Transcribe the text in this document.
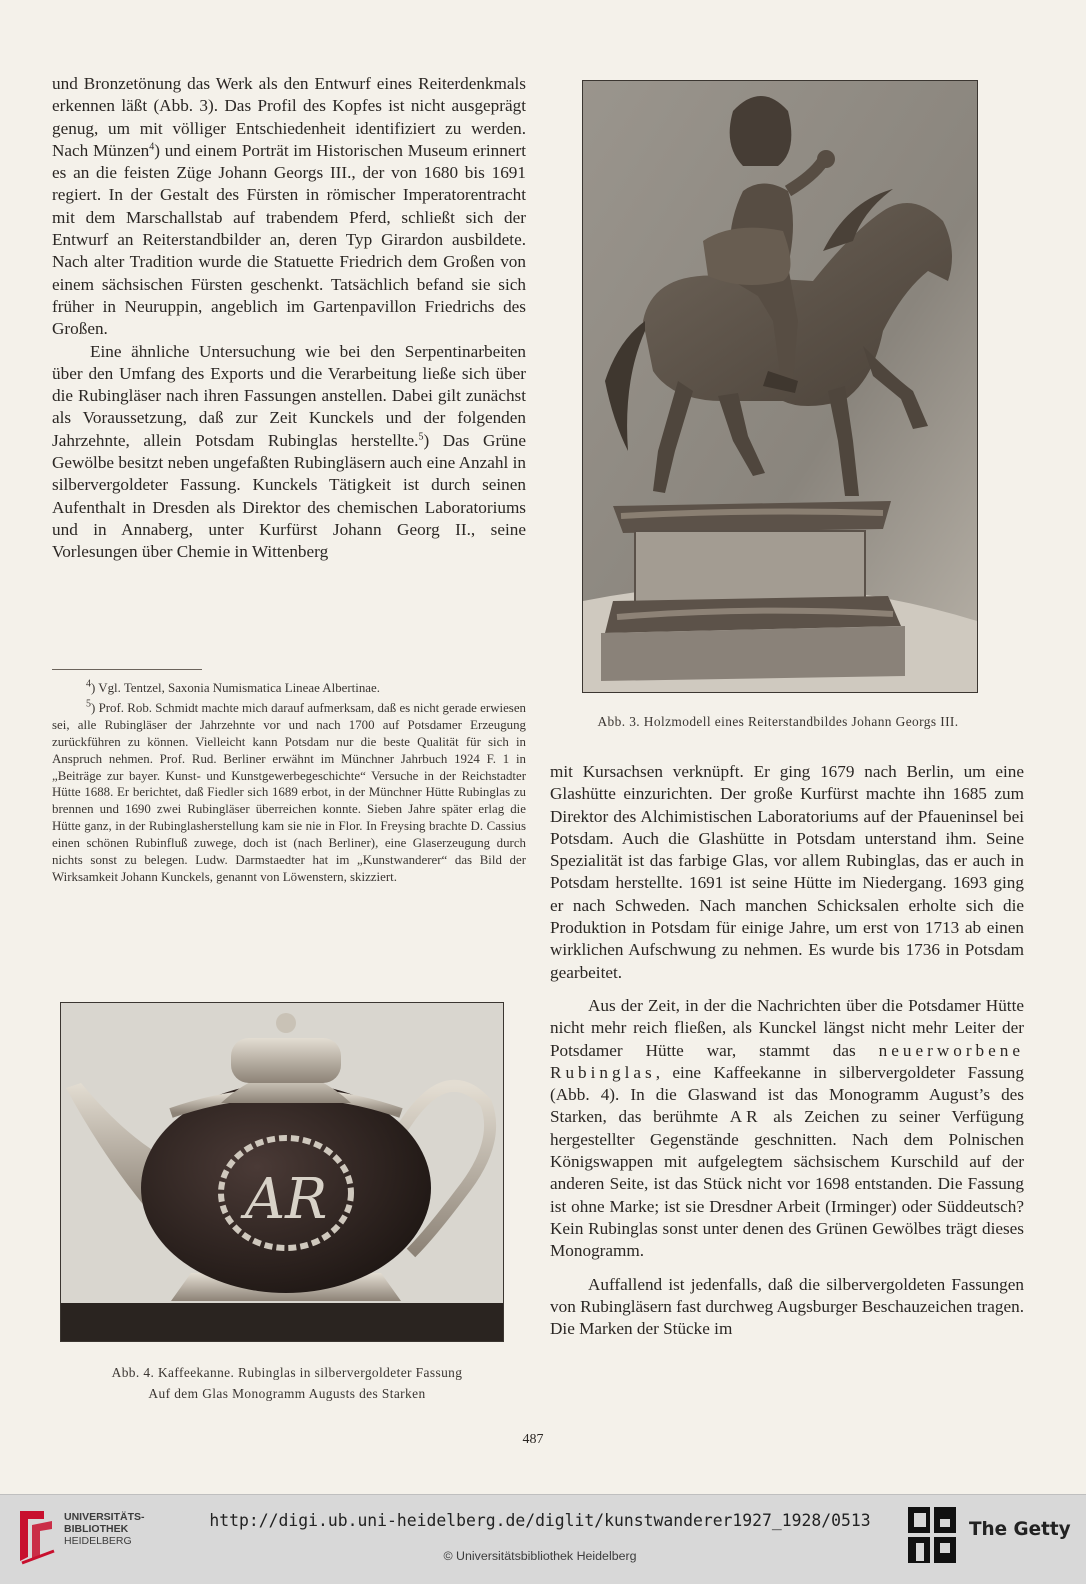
und Bronzetönung das Werk als den Entwurf eines Reiterdenkmals erkennen läßt (Abb. 3). Das Profil des Kopfes ist nicht ausgeprägt genug, um mit völliger Entschiedenheit identifiziert zu werden. Nach Münzen$^4$) und einem Porträt im Historischen Museum erinnert es an die feisten Züge Johann Georgs III., der von 1680 bis 1691 regiert. In der Gestalt des Fürsten in römischer Imperatorentracht mit dem Marschallstab auf trabendem Pferd, schließt sich der Entwurf an Reiterstandbilder an, deren Typ Girardon ausbildete. Nach alter Tradition wurde die Statuette Friedrich dem Großen von einem sächsischen Fürsten geschenkt. Tatsächlich befand sie sich früher in Neuruppin, angeblich im Gartenpavillon Friedrichs des Großen.

Eine ähnliche Untersuchung wie bei den Serpentinarbeiten über den Umfang des Exports und die Verarbeitung ließe sich über die Rubingläser nach ihren Fassungen anstellen. Dabei gilt zunächst als Voraussetzung, daß zur Zeit Kunckels und der folgenden Jahrzehnte, allein Potsdam Rubinglas herstellte.$^5$) Das Grüne Gewölbe besitzt neben ungefaßten Rubingläsern auch eine Anzahl in silbervergoldeter Fassung. Kunckels Tätigkeit ist durch seinen Aufenthalt in Dresden als Direktor des chemischen Laboratoriums und in Annaberg, unter Kurfürst Johann Georg II., seine Vorlesungen über Chemie in Wittenberg

$^4$) Vgl. Tentzel, Saxonia Numismatica Lineae Albertinae.

$^5$) Prof. Rob. Schmidt machte mich darauf aufmerksam, daß es nicht gerade erwiesen sei, alle Rubingläser der Jahrzehnte vor und nach 1700 auf Potsdamer Erzeugung zurückführen zu können. Vielleicht kann Potsdam nur die beste Qualität für sich in Anspruch nehmen. Prof. Rud. Berliner erwähnt im Münchner Jahrbuch 1924 F. 1 in „Beiträge zur bayer. Kunst- und Kunstgewerbegeschichte“ Versuche in der Reichstadter Hütte 1688. Er berichtet, daß Fiedler sich 1689 erbot, in der Münchner Hütte Rubinglas zu brennen und 1690 zwei Rubingläser überreichen konnte. Sieben Jahre später erlag die Hütte ganz, in der Rubinglasherstellung kam sie nie in Flor. In Freysing brachte D. Cassius einen schönen Rubinfluß zuwege, doch ist (nach Berliner), eine Glaserzeugung durch nichts sonst zu belegen. Ludw. Darmstaedter hat im „Kunstwanderer“ das Bild der Wirksamkeit Johann Kunckels, genannt von Löwenstern, skizziert.

Abb. 3. Holzmodell eines Reiterstandbildes Johann Georgs III.

mit Kursachsen verknüpft. Er ging 1679 nach Berlin, um eine Glashütte einzurichten. Der große Kurfürst machte ihn 1685 zum Direktor des Alchimistischen Laboratoriums auf der Pfaueninsel bei Potsdam. Auch die Glashütte in Potsdam unterstand ihm. Seine Spezialität ist das farbige Glas, vor allem Rubinglas, das er auch in Potsdam herstellte. 1691 ist seine Hütte im Niedergang. 1693 ging er nach Schweden. Nach manchen Schicksalen erholte sich die Produktion in Potsdam für einige Jahre, um erst von 1713 ab einen wirklichen Aufschwung zu nehmen. Es wurde bis 1736 in Potsdam gearbeitet.

Aus der Zeit, in der die Nachrichten über die Potsdamer Hütte nicht mehr reich fließen, als Kunckel längst nicht mehr Leiter der Potsdamer Hütte war, stammt das neuerworbene Rubinglas, eine Kaffeekanne in silbervergoldeter Fassung (Abb. 4). In die Glaswand ist das Monogramm August’s des Starken, das berühmte AR als Zeichen zu seiner Verfügung hergestellter Gegenstände geschnitten. Nach dem Polnischen Königswappen mit aufgelegtem sächsischem Kurschild auf der anderen Seite, ist das Stück nicht vor 1698 entstanden. Die Fassung ist ohne Marke; ist sie Dresdner Arbeit (Irminger) oder Süddeutsch? Kein Rubinglas sonst unter denen des Grünen Gewölbes trägt dieses Monogramm.

Auffallend ist jedenfalls, daß die silbervergoldeten Fassungen von Rubingläsern fast durchweg Augsburger Beschauzeichen tragen. Die Marken der Stücke im

AR
Abb. 4. Kaffeekanne. Rubinglas in silbervergoldeter Fassung
Auf dem Glas Monogramm Augusts des Starken
487
UNIVERSITÄTS-
BIBLIOTHEK
HEIDELBERG
http://digi.ub.uni-heidelberg.de/diglit/kunstwanderer1927_1928/0513
© Universitätsbibliothek Heidelberg
The Getty
